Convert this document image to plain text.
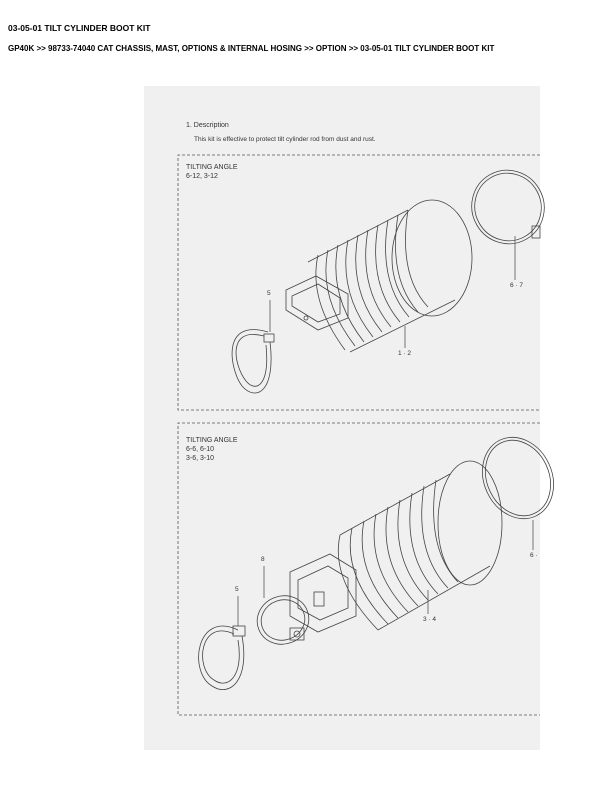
03-05-01 TILT CYLINDER BOOT KIT
GP40K >> 98733-74040 CAT CHASSIS, MAST, OPTIONS & INTERNAL HOSING >> OPTION >> 03-05-01 TILT CYLINDER BOOT KIT
1. Description
This kit is effective to protect tilt cylinder rod from dust and rust.
TILTING ANGLE
6-12, 3-12
5
1 · 2
6 · 7
TILTING ANGLE
6-6, 6-10
3-6, 3-10
8
5
3 · 4
6 ·
